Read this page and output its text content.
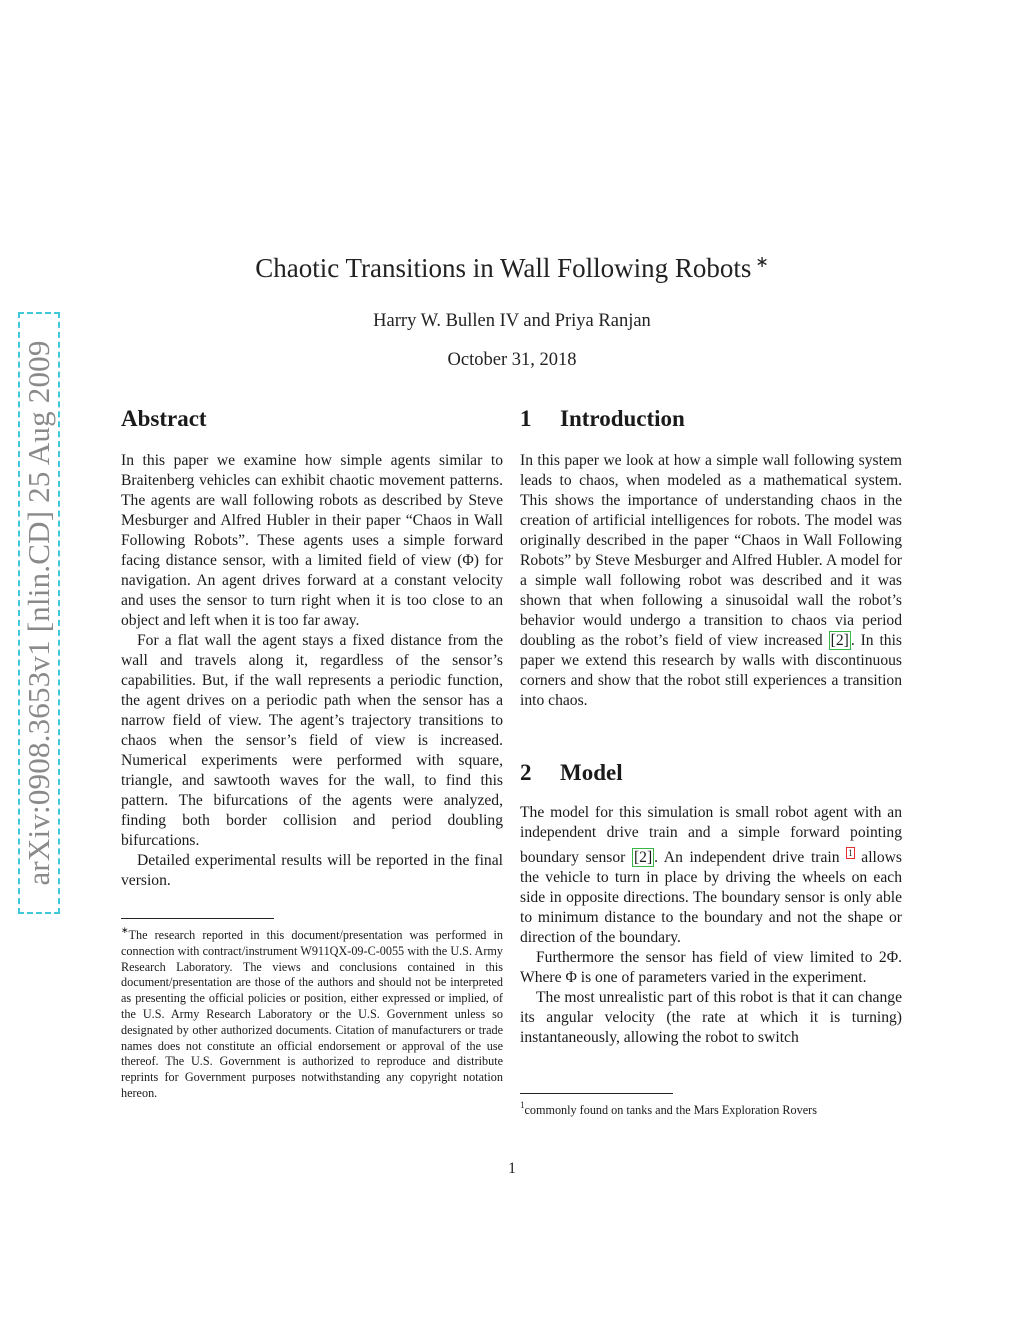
arXiv:0908.3653v1 [nlin.CD] 25 Aug 2009
Chaotic Transitions in Wall Following Robots ∗
Harry W. Bullen IV and Priya Ranjan
October 31, 2018
Abstract

In this paper we examine how simple agents similar to Braitenberg vehicles can exhibit chaotic movement patterns. The agents are wall following robots as described by Steve Mesburger and Alfred Hubler in their paper “Chaos in Wall Following Robots”. These agents uses a simple forward facing distance sensor, with a limited field of view (Φ) for navigation. An agent drives forward at a constant velocity and uses the sensor to turn right when it is too close to an object and left when it is too far away.

For a flat wall the agent stays a fixed distance from the wall and travels along it, regardless of the sensor’s capabilities. But, if the wall represents a periodic function, the agent drives on a periodic path when the sensor has a narrow field of view. The agent’s trajectory transitions to chaos when the sensor’s field of view is increased. Numerical experiments were performed with square, triangle, and sawtooth waves for the wall, to find this pattern. The bifurcations of the agents were analyzed, finding both border collision and period doubling bifurcations.

Detailed experimental results will be reported in the final version.

∗The research reported in this document/presentation was performed in connection with contract/instrument W911QX-09-C-0055 with the U.S. Army Research Laboratory. The views and conclusions contained in this document/presentation are those of the authors and should not be interpreted as presenting the official policies or position, either expressed or implied, of the U.S. Army Research Laboratory or the U.S. Government unless so designated by other authorized documents. Citation of manufacturers or trade names does not constitute an official endorsement or approval of the use thereof. The U.S. Government is authorized to reproduce and distribute reprints for Government purposes notwithstanding any copyright notation hereon.
1 Introduction

In this paper we look at how a simple wall following system leads to chaos, when modeled as a mathematical system. This shows the importance of understanding chaos in the creation of artificial intelligences for robots. The model was originally described in the paper “Chaos in Wall Following Robots” by Steve Mesburger and Alfred Hubler. A model for a simple wall following robot was described and it was shown that when following a sinusoidal wall the robot’s behavior would undergo a transition to chaos via period doubling as the robot’s field of view increased [2] . In this paper we extend this research by walls with discontinuous corners and show that the robot still experiences a transition into chaos.

2 Model

The model for this simulation is small robot agent with an independent drive train and a simple forward pointing boundary sensor [2] . An independent drive train $^1$ allows the vehicle to turn in place by driving the wheels on each side in opposite directions. The boundary sensor is only able to minimum distance to the boundary and not the shape or direction of the boundary.

Furthermore the sensor has field of view limited to 2Φ. Where Φ is one of parameters varied in the experiment.

The most unrealistic part of this robot is that it can change its angular velocity (the rate at which it is turning) instantaneously, allowing the robot to switch

$^1$commonly found on tanks and the Mars Exploration Rovers
1
